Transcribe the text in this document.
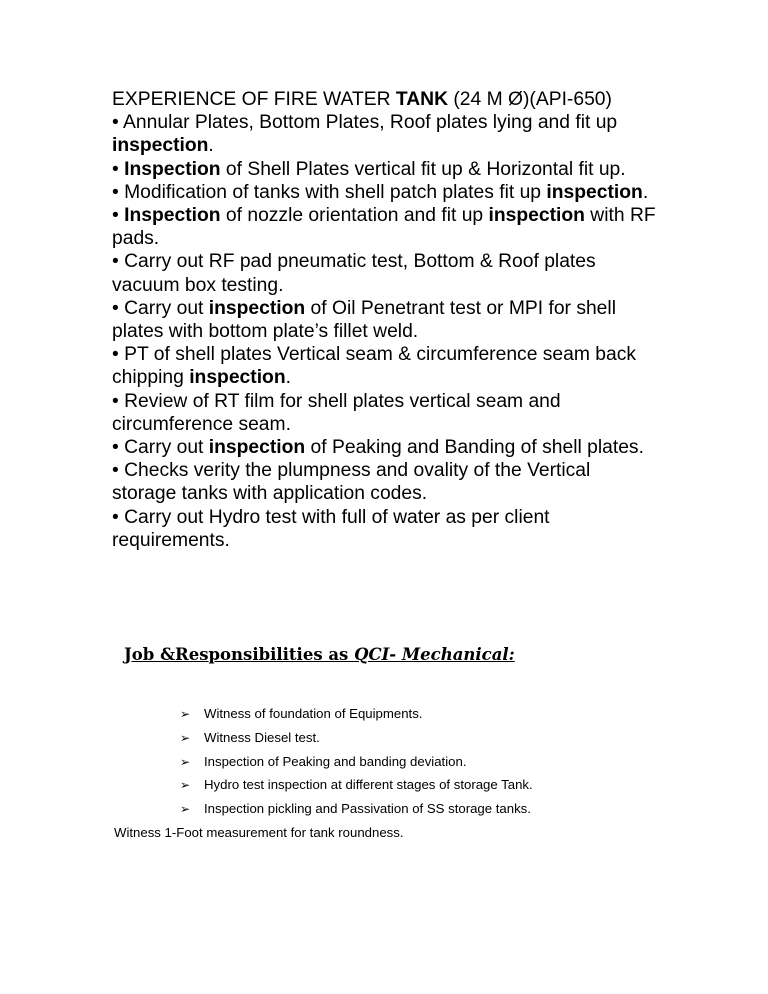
EXPERIENCE OF FIRE WATER TANK (24 M Ø)(API-650)

• Annular Plates, Bottom Plates, Roof plates lying and fit up inspection.

• Inspection of Shell Plates vertical fit up & Horizontal fit up.

• Modification of tanks with shell patch plates fit up inspection.

• Inspection of nozzle orientation and fit up inspection with RF pads.

• Carry out RF pad pneumatic test, Bottom & Roof plates vacuum box testing.

• Carry out inspection of Oil Penetrant test or MPI for shell plates with bottom plate’s fillet weld.

• PT of shell plates Vertical seam & circumference seam back chipping inspection.

• Review of RT film for shell plates vertical seam and circumference seam.

• Carry out inspection of Peaking and Banding of shell plates.

• Checks verity the plumpness and ovality of the Vertical storage tanks with application codes.

• Carry out Hydro test with full of water as per client requirements.

Job &Responsibilities as QCI- Mechanical:
➢ Witness of foundation of Equipments.
➢ Witness Diesel test.
➢ Inspection of Peaking and banding deviation.
➢ Hydro test inspection at different stages of storage Tank.
➢ Inspection pickling and Passivation of SS storage tanks.
Witness 1-Foot measurement for tank roundness.
